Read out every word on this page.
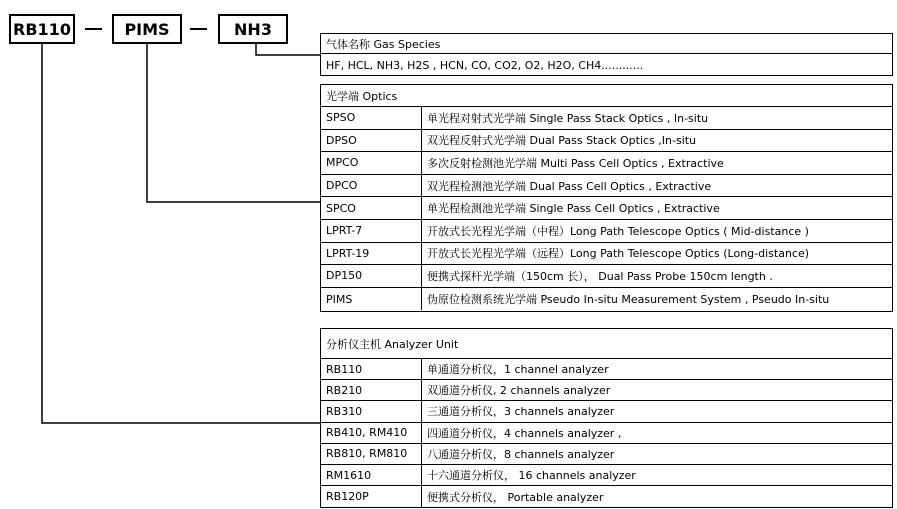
RB110	PIMS	NH3
气体名称 Gas Species
HF, HCL, NH3, H2S , HCN, CO, CO2, O2, H2O, CH4............
光学端 Optics
SPSO	单光程对射式光学端 Single Pass Stack Optics , In-situ
DPSO	双光程反射式光学端 Dual Pass Stack Optics ,In-situ
MPCO	多次反射检测池光学端 Multi Pass Cell Optics , Extractive
DPCO	双光程检测池光学端 Dual Pass Cell Optics , Extractive
SPCO	单光程检测池光学端 Single Pass Cell Optics , Extractive
LPRT-7	开放式长光程光学端（中程）Long Path Telescope Optics ( Mid-distance )
LPRT-19	开放式长光程光学端（远程）Long Path Telescope Optics (Long-distance)
DP150	便携式探杆光学端（150cm 长）， Dual Pass Probe 150cm length .
PIMS	伪原位检测系统光学端 Pseudo In-situ Measurement System , Pseudo In-situ
分析仪主机 Analyzer Unit
RB110	单通道分析仪，1 channel analyzer
RB210	双通道分析仪, 2 channels analyzer
RB310	三通道分析仪，3 channels analyzer
RB410, RM410	四通道分析仪，4 channels analyzer ,
RB810, RM810	八通道分析仪，8 channels analyzer
RM1610	十六通道分析仪， 16 channels analyzer
RB120P	便携式分析仪， Portable analyzer
